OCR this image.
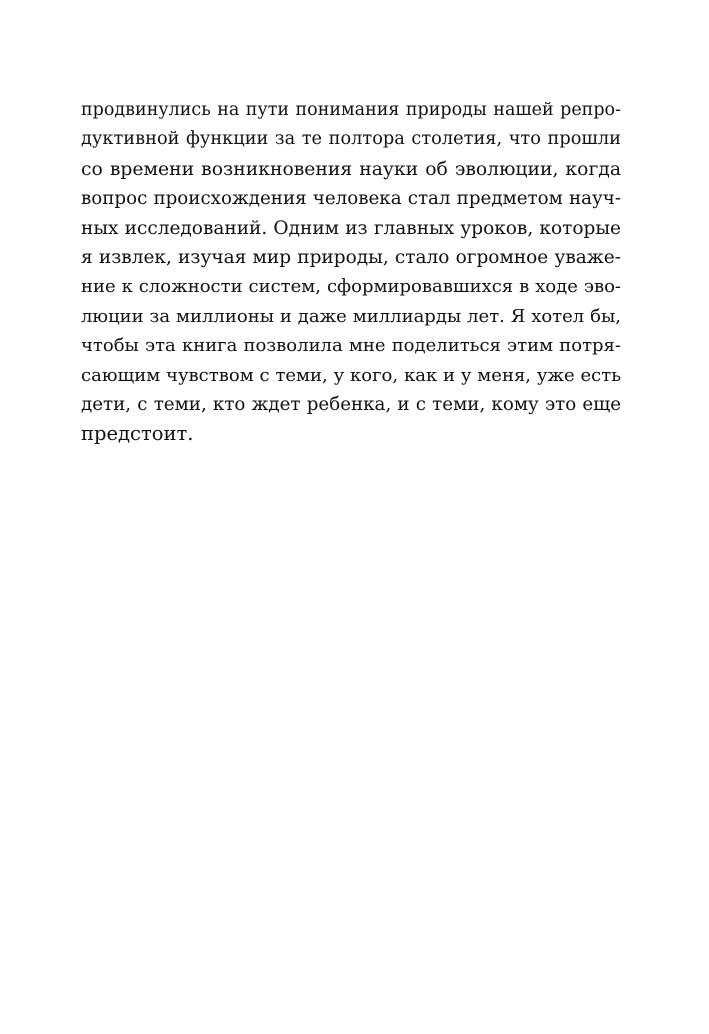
продвинулись на пути понимания природы нашей репро-

дуктивной функции за те полтора столетия, что прошли

со времени возникновения науки об эволюции, когда

вопрос происхождения человека стал предметом науч-

ных исследований. Одним из главных уроков, которые

я извлек, изучая мир природы, стало огромное уваже-

ние к сложности систем, сформировавшихся в ходе эво-

люции за миллионы и даже миллиарды лет. Я хотел бы,

чтобы эта книга позволила мне поделиться этим потря-

сающим чувством с теми, у кого, как и у меня, уже есть

дети, с теми, кто ждет ребенка, и с теми, кому это еще

предстоит.
